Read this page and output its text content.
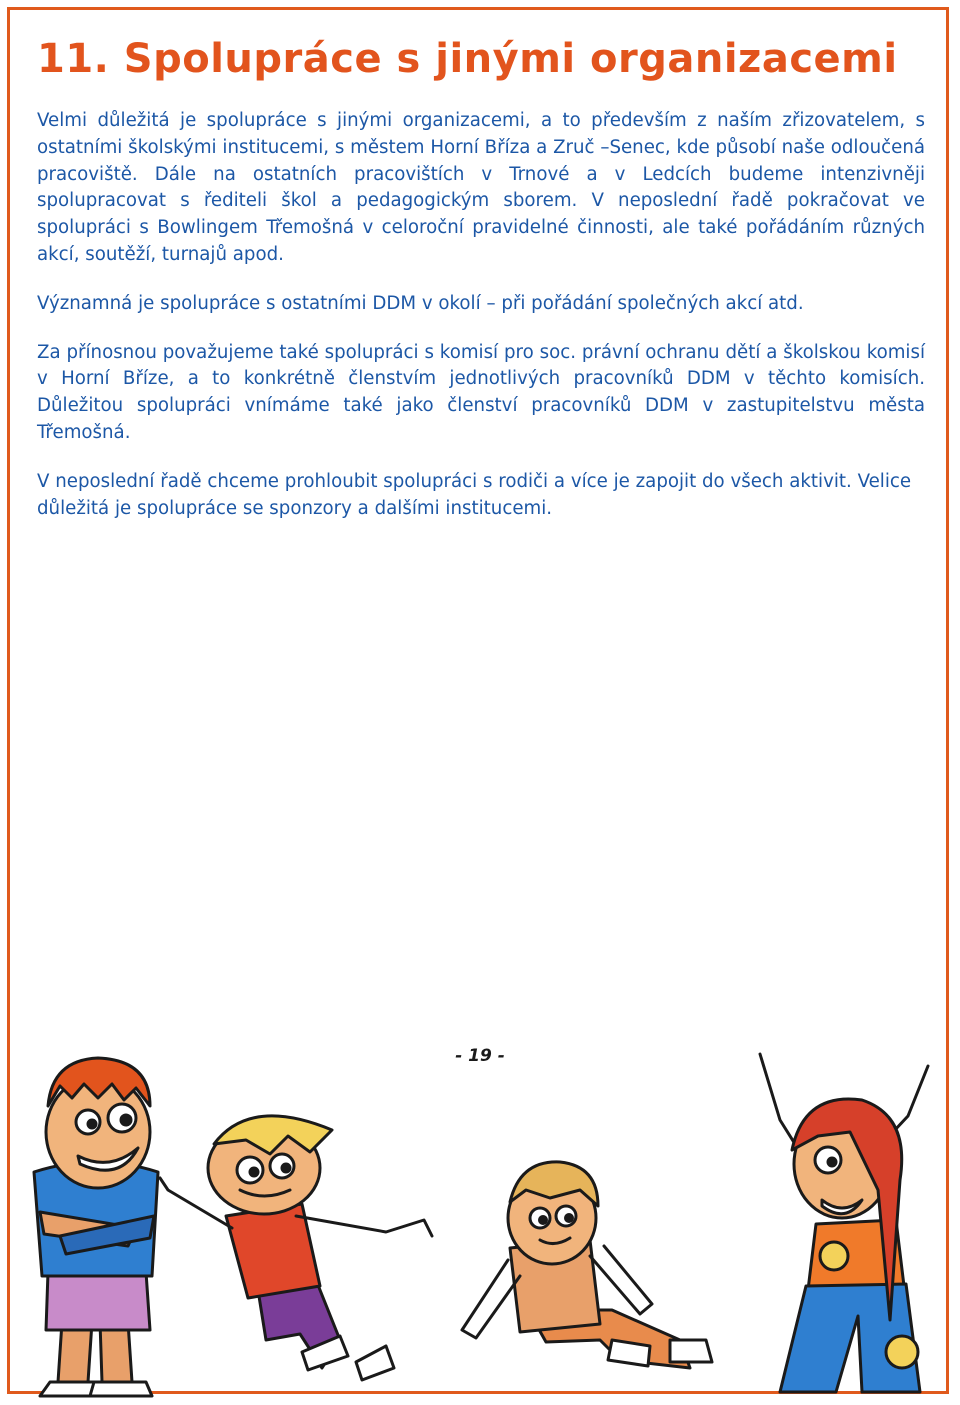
11. Spolupráce s jinými organizacemi

Velmi důležitá je spolupráce s jinými organizacemi, a to především z naším zřizovatelem, s ostatními školskými institucemi, s městem Horní Bříza a Zruč –Senec, kde působí naše odloučená pracoviště. Dále na ostatních pracovištích v Trnové a v Ledcích budeme intenzivněji spolupracovat s řediteli škol a pedagogickým sborem. V neposlední řadě pokračovat ve spolupráci s Bowlingem Třemošná v celoroční pravidelné činnosti, ale také pořádáním různých akcí, soutěží, turnajů apod.

Významná je spolupráce s ostatními DDM v okolí – při pořádání společných akcí atd.

Za přínosnou považujeme také spolupráci s komisí pro soc. právní ochranu dětí a školskou komisí v Horní Bříze, a to konkrétně členstvím jednotlivých pracovníků DDM v těchto komisích. Důležitou spolupráci vnímáme také jako členství pracovníků DDM v zastupitelstvu města Třemošná.

V neposlední řadě chceme prohloubit spolupráci s rodiči a více je zapojit do všech aktivit. Velice důležitá je spolupráce se sponzory a dalšími institucemi.

- 19 -
